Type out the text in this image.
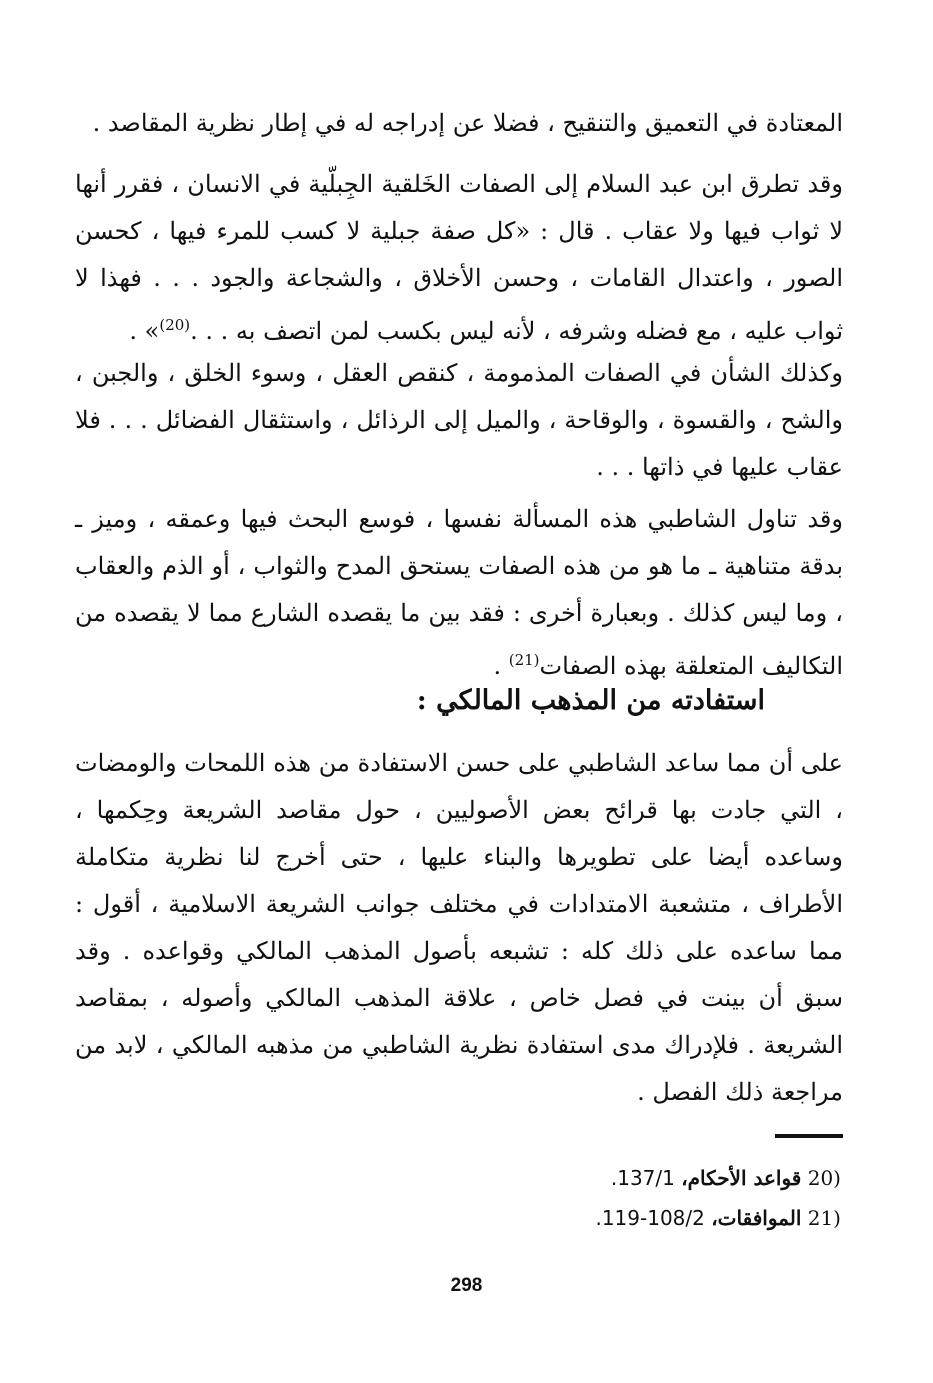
المعتادة في التعميق والتنقيح ، فضلا عن إدراجه له في إطار نظرية المقاصد .

وقد تطرق ابن عبد السلام إلى الصفات الخَلقية الجِبلّية في الانسان ، فقرر أنها لا ثواب فيها ولا عقاب . قال : «كل صفة جبلية لا كسب للمرء فيها ، كحسن الصور ، واعتدال القامات ، وحسن الأخلاق ، والشجاعة والجود . . . فهذا لا ثواب عليه ، مع فضله وشرفه ، لأنه ليس بكسب لمن اتصف به . . .$^{(20)}$» .

وكذلك الشأن في الصفات المذمومة ، كنقص العقل ، وسوء الخلق ، والجبن ، والشح ، والقسوة ، والوقاحة ، والميل إلى الرذائل ، واستثقال الفضائل . . . فلا عقاب عليها في ذاتها . . .

وقد تناول الشاطبي هذه المسألة نفسها ، فوسع البحث فيها وعمقه ، وميز ـ بدقة متناهية ـ ما هو من هذه الصفات يستحق المدح والثواب ، أو الذم والعقاب ، وما ليس كذلك . وبعبارة أخرى : فقد بين ما يقصده الشارع مما لا يقصده من التكاليف المتعلقة بهذه الصفات$^{(21)}$ .

استفادته من المذهب المالكي :

على أن مما ساعد الشاطبي على حسن الاستفادة من هذه اللمحات والومضات ، التي جادت بها قرائح بعض الأصوليين ، حول مقاصد الشريعة وحِكمها ، وساعده أيضا على تطويرها والبناء عليها ، حتى أخرج لنا نظرية متكاملة الأطراف ، متشعبة الامتدادات في مختلف جوانب الشريعة الاسلامية ، أقول : مما ساعده على ذلك كله : تشبعه بأصول المذهب المالكي وقواعده . وقد سبق أن بينت في فصل خاص ، علاقة المذهب المالكي وأصوله ، بمقاصد الشريعة . فلإدراك مدى استفادة نظرية الشاطبي من مذهبه المالكي ، لابد من مراجعة ذلك الفصل .

20) قواعد الأحكام، .137/1
21) الموافقات، .119-108/2
298
